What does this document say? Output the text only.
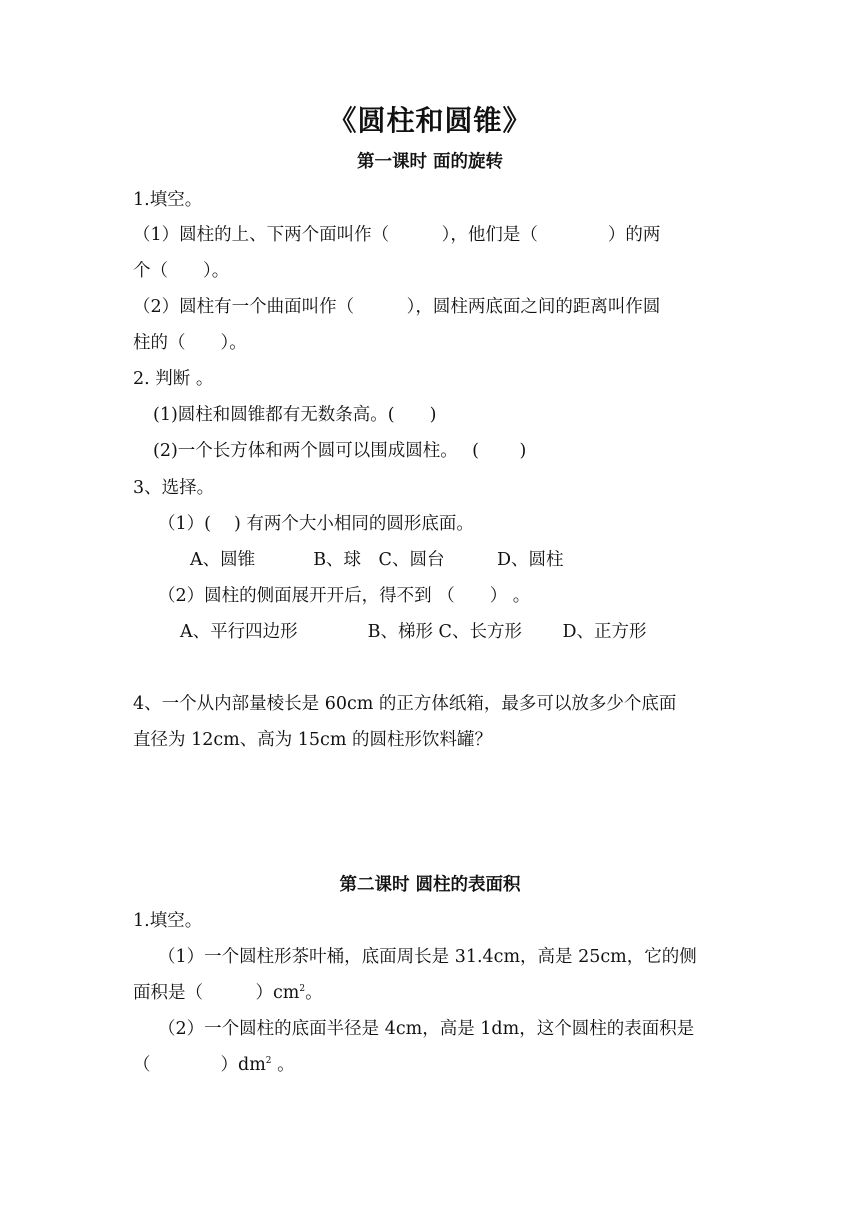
《圆柱和圆锥》
第一课时 面的旋转
1.填空。
（1）圆柱的上、下两个面叫作（　　　），他们是（　　　　）的两
个（　　）。
（2）圆柱有一个曲面叫作（　　　），圆柱两底面之间的距离叫作圆
柱的（　　）。
2. 判断 。
(1)圆柱和圆锥都有无数条高。(　　)
(2)一个长方体和两个圆可以围成圆柱。　 (　　 )
3、选择。
（1）(　 ) 有两个大小相同的圆形底面。
A、圆锥　　　 B、球　C、圆台　　　D、圆柱
（2）圆柱的侧面展开开后，得不到 （　　） 。
A、平行四边形　　　　B、梯形 C、长方形　　 D、正方形
4、一个从内部量棱长是 60cm 的正方体纸箱，最多可以放多少个底面
直径为 12cm、高为 15cm 的圆柱形饮料罐？
第二课时 圆柱的表面积
1.填空。
（1）一个圆柱形茶叶桶，底面周长是 31.4cm，高是 25cm，它的侧
面积是（　　　）$cm^2$。
（2）一个圆柱的底面半径是 4cm，高是 1dm，这个圆柱的表面积是
（　　　　）$dm^2$ 。
